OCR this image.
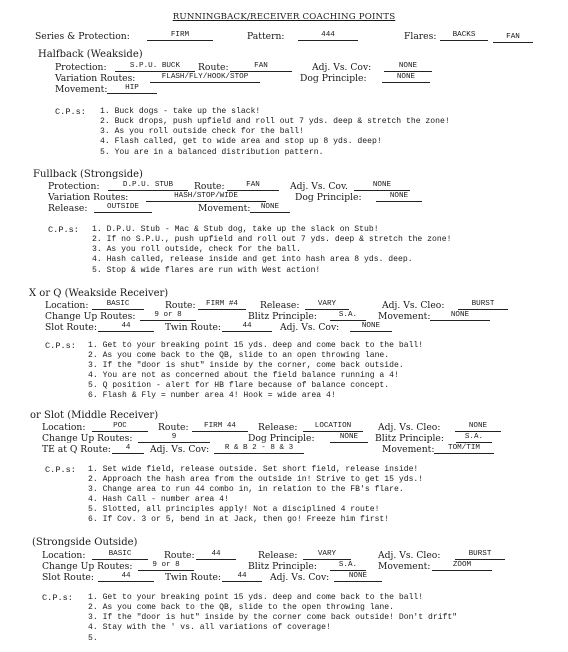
RUNNINGBACK/RECEIVER COACHING POINTS
Series & Protection:	FIRM	Pattern:	444	Flares:	BACKS	FAN
Halfback (Weakside)
Protection:	S.P.U. BUCK	Route:	FAN	Adj. Vs. Cov:	NONE
Variation Routes:	FLASH/FLY/HOOK/STOP	Dog Principle:	NONE
Movement:	HIP
C.P.s: 1. Buck dogs - take up the slack!
2. Buck drops, push upfield and roll out 7 yds. deep & stretch the zone!
3. As you roll outside check for the ball!
4. Flash called, get to wide area and stop up 8 yds. deep!
5. You are in a balanced distribution pattern.
Fullback (Strongside)
Protection:	D.P.U. STUB	Route:	FAN	Adj. Vs. Cov.	NONE
Variation Routes:	HASH/STOP/WIDE	Dog Principle:	NONE
Release:	OUTSIDE	Movement:	NONE
C.P.s: 1. D.P.U. Stub - Mac & Stub dog, take up the slack on Stub!
2. If no S.P.U., push upfield and roll out 7 yds. deep & stretch the zone!
3. As you roll outside, check for the ball.
4. Hash called, release inside and get into hash area 8 yds. deep.
5. Stop & wide flares are run with West action!
X or Q (Weakside Receiver)
Location:	BASIC	Route:	FIRM #4	Release:	VARY	Adj. Vs. Cleo:	BURST
Change Up Routes:	9 or 8	Blitz Principle:	S.A.	Movement:	NONE
Slot Route:	44	Twin Route:	44	Adj. Vs. Cov:	NONE
C.P.s: 1. Get to your breaking point 15 yds. deep and come back to the ball!
2. As you come back to the QB, slide to an open throwing lane.
3. If the "door is shut" inside by the corner, come back outside.
4. You are not as concerned about the field balance running a 4!
5. Q position - alert for HB flare because of balance concept.
6. Flash & Fly = number area 4! Hook = wide area 4!
or Slot (Middle Receiver)
Location:	POC	Route:	FIRM 44	Release:	LOCATION	Adj. Vs. Cleo:	NONE
Change Up Routes:	9	Dog Principle:	NONE	Blitz Principle:	S.A.
TE at Q Route:	4	Adj. Vs. Cov:	R & B 2 - 8 & 3	Movement:	TOM/TIM
C.P.s: 1. Set wide field, release outside. Set short field, release inside!
2. Approach the hash area from the outside in! Strive to get 15 yds.!
3. Change area to run 44 combo in, in relation to the FB's flare.
4. Hash Call - number area 4!
5. Slotted, all principles apply! Not a disciplined 4 route!
6. If Cov. 3 or 5, bend in at Jack, then go! Freeze him first!
(Strongside Outside)
Location:	BASIC	Route:	44	Release:	VARY	Adj. Vs. Cleo:	BURST
Change Up Routes:	9 or 8	Blitz Principle:	S.A.	Movement:	ZOOM
Slot Route:	44	Twin Route:	44	Adj. Vs. Cov:	NONE
C.P.s: 1. Get to your breaking point 15 yds. deep and come back to the ball!
2. As you come back to the QB, slide to the open throwing lane.
3. If the "door is hut" inside by the corner come back outside! Don't drift"
4. Stay with the ' vs. all variations of coverage!
5.
